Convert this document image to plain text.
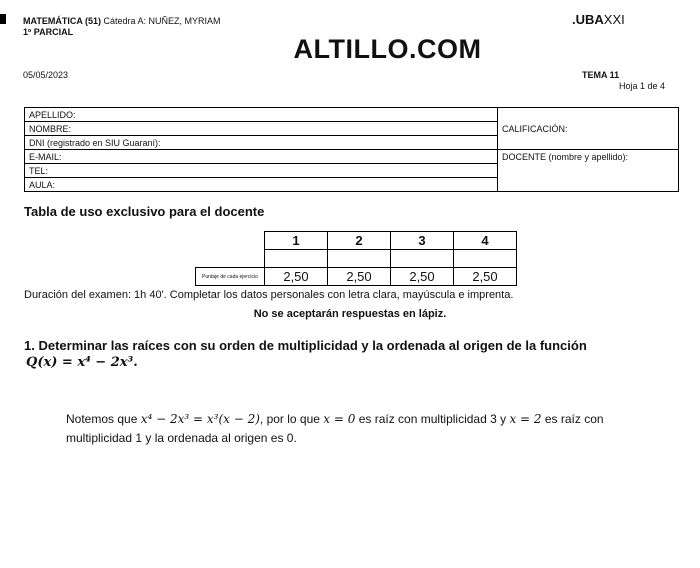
MATEMÁTICA (51) Cátedra A: NUÑEZ, MYRIAM
1º PARCIAL
.UBAXXI
ALTILLO.COM
05/05/2023	TEMA 11
Hoja 1 de 4
APELLIDO:	CALIFICACIÓN:
NOMBRE:	
DNI (registrado en SIU Guaraní):	
E-MAIL:	DOCENTE (nombre y apellido):
TEL:	
AULA:	
Tabla de uso exclusivo para el docente
	1	2	3	4

Puntaje de cada ejercicio	2,50	2,50	2,50	2,50
Duración del examen: 1h 40'. Completar los datos personales con letra clara, mayúscula e imprenta.
No se aceptarán respuestas en lápiz.
1. Determinar las raíces con su orden de multiplicidad y la ordenada al origen de la función
Q(x) = x⁴ − 2x³.
Notemos que x⁴ − 2x³ = x³(x − 2), por lo que x = 0 es raíz con multiplicidad 3 y x = 2 es raíz con multiplicidad 1 y la ordenada al origen es 0.
